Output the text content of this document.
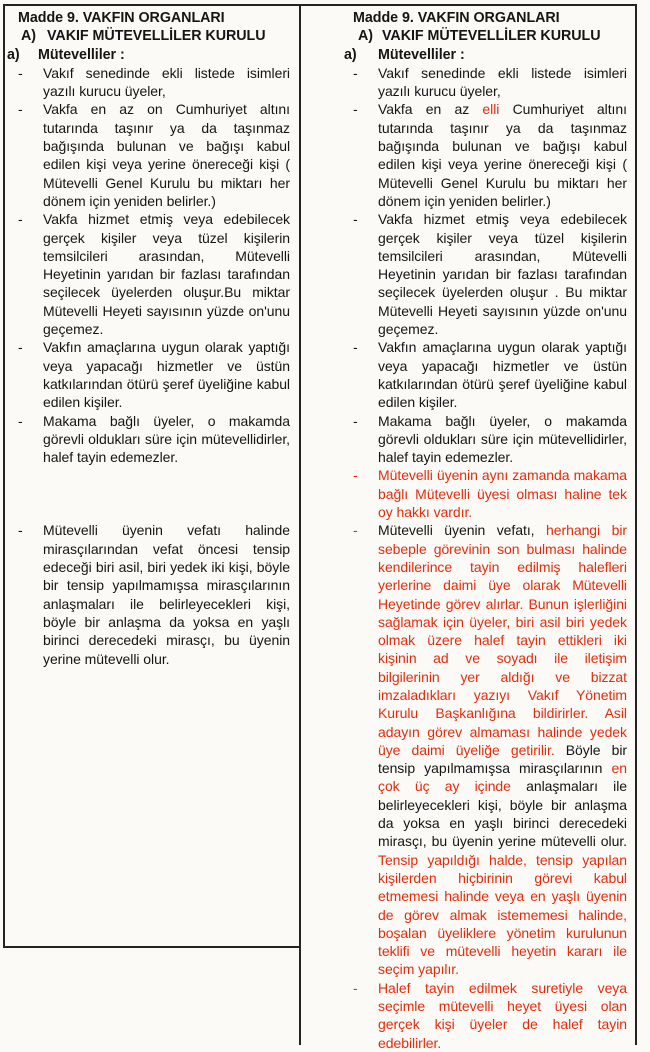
Madde 9. VAKFIN ORGANLARI
A) VAKIF MÜTEVELLİLER KURULU
a) Mütevelliler :
- Vakıf senedinde ekli listede isimleri yazılı kurucu üyeler,
- Vakfa en az on Cumhuriyet altını tutarında taşınır ya da taşınmaz bağışında bulunan ve bağışı kabul edilen kişi veya yerine önereceği kişi ( Mütevelli Genel Kurulu bu miktarı her dönem için yeniden belirler.)
- Vakfa hizmet etmiş veya edebilecek gerçek kişiler veya tüzel kişilerin temsilcileri arasından, Mütevelli Heyetinin yarıdan bir fazlası tarafından seçilecek üyelerden oluşur.Bu miktar Mütevelli Heyeti sayısının yüzde on'unu geçemez.
- Vakfın amaçlarına uygun olarak yaptığı veya yapacağı hizmetler ve üstün katkılarından ötürü şeref üyeliğine kabul edilen kişiler.
- Makama bağlı üyeler, o makamda görevli oldukları süre için mütevellidirler, halef tayin edemezler.
- Mütevelli üyenin vefatı halinde mirasçılarından vefat öncesi tensip edeceği biri asil, biri yedek iki kişi, böyle bir tensip yapılmamışsa mirasçılarının anlaşmaları ile belirleyecekleri kişi, böyle bir anlaşma da yoksa en yaşlı birinci derecedeki mirasçı, bu üyenin yerine mütevelli olur.
Madde 9. VAKFIN ORGANLARI
A) VAKIF MÜTEVELLİLER KURULU
a) Mütevelliler :
- Vakıf senedinde ekli listede isimleri yazılı kurucu üyeler,
- Vakfa en az elli Cumhuriyet altını tutarında taşınır ya da taşınmaz bağışında bulunan ve bağışı kabul edilen kişi veya yerine önereceği kişi ( Mütevelli Genel Kurulu bu miktarı her dönem için yeniden belirler.)
- Vakfa hizmet etmiş veya edebilecek gerçek kişiler veya tüzel kişilerin temsilcileri arasından, Mütevelli Heyetinin yarıdan bir fazlası tarafından seçilecek üyelerden oluşur . Bu miktar Mütevelli Heyeti sayısının yüzde on'unu geçemez.
- Vakfın amaçlarına uygun olarak yaptığı veya yapacağı hizmetler ve üstün katkılarından ötürü şeref üyeliğine kabul edilen kişiler.
- Makama bağlı üyeler, o makamda görevli oldukları süre için mütevellidirler, halef tayin edemezler.
- Mütevelli üyenin aynı zamanda makama bağlı Mütevelli üyesi olması haline tek oy hakkı vardır.
- Mütevelli üyenin vefatı, herhangi bir sebeple görevinin son bulması halinde kendilerince tayin edilmiş halefleri yerlerine daimi üye olarak Mütevelli Heyetinde görev alırlar. Bunun işlerliğini sağlamak için üyeler, biri asil biri yedek olmak üzere halef tayin ettikleri iki kişinin ad ve soyadı ile iletişim bilgilerinin yer aldığı ve bizzat imzaladıkları yazıyı Vakıf Yönetim Kurulu Başkanlığına bildirirler. Asil adayın görev almaması halinde yedek üye daimi üyeliğe getirilir. Böyle bir tensip yapılmamışsa mirasçılarının en çok üç ay içinde anlaşmaları ile belirleyecekleri kişi, böyle bir anlaşma da yoksa en yaşlı birinci derecedeki mirasçı, bu üyenin yerine mütevelli olur. Tensip yapıldığı halde, tensip yapılan kişilerden hiçbirinin görevi kabul etmemesi halinde veya en yaşlı üyenin de görev almak istememesi halinde, boşalan üyeliklere yönetim kurulunun teklifi ve mütevelli heyetin kararı ile seçim yapılır.
- Halef tayin edilmek suretiyle veya seçimle mütevelli heyet üyesi olan gerçek kişi üyeler de halef tayin edebilirler.
